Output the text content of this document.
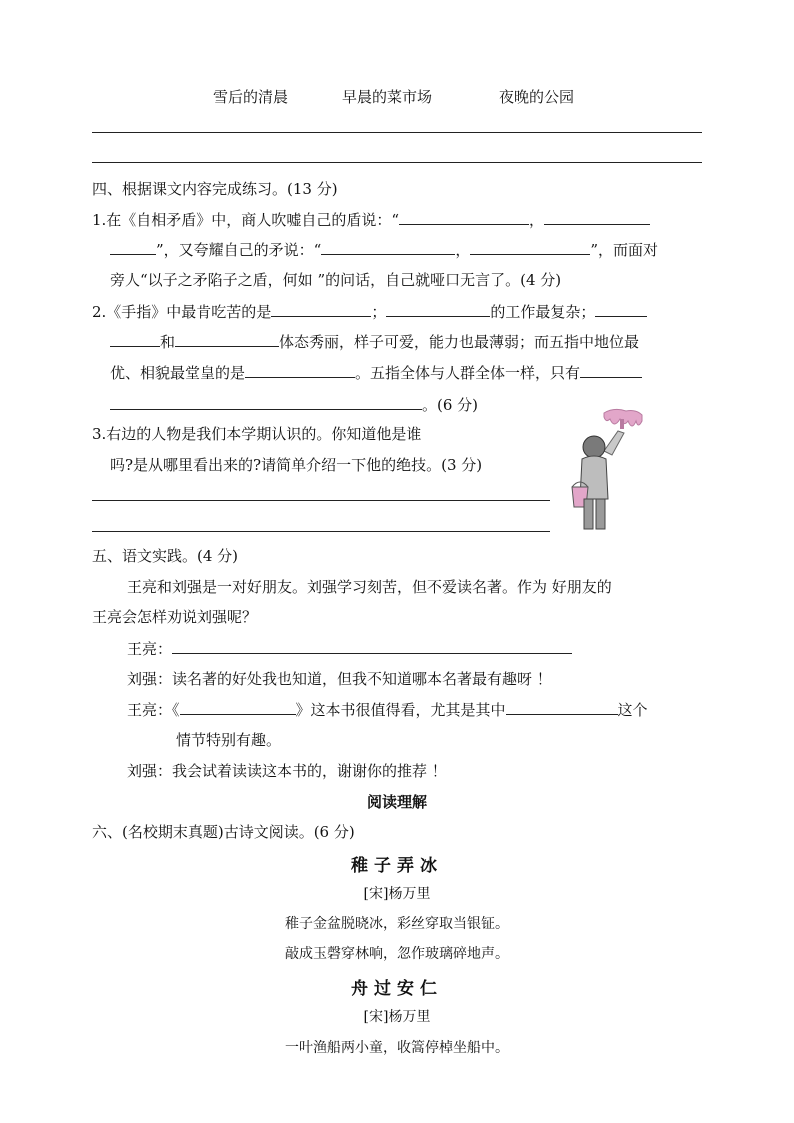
雪后的清晨	早晨的菜市场	夜晚的公园
四、根据课文内容完成练习。(13 分)
1.在《自相矛盾》中，商人吹嘘自己的盾说：“	，
”，又夸耀自己的矛说：“	，	”，而面对
旁人“以子之矛陷子之盾，何如 ”的问话，自己就哑口无言了。(4 分)
2.《手指》中最肯吃苦的是	；	的工作最复杂；
和	体态秀丽，样子可爱，能力也最薄弱；而五指中地位最
优、相貌最堂皇的是	。五指全体与人群全体一样，只有
。(6 分)
3.右边的人物是我们本学期认识的。你知道他是谁
吗?是从哪里看出来的?请简单介绍一下他的绝技。(3 分)
五、语文实践。(4 分)
王亮和刘强是一对好朋友。刘强学习刻苦，但不爱读名著。作为 好朋友的
王亮会怎样劝说刘强呢？
王亮：
刘强：读名著的好处我也知道，但我不知道哪本名著最有趣呀 ！
王亮：《	》这本书很值得看，尤其是其中	这个
情节特别有趣。
刘强：我会试着读读这本书的，谢谢你的推荐 ！
阅读理解
六、(名校期末真题)古诗文阅读。(6 分)
稚子弄冰
[宋]杨万里
稚子金盆脱晓冰，彩丝穿取当银钲。
敲成玉磬穿林响，忽作玻璃碎地声。
舟过安仁
[宋]杨万里
一叶渔船两小童，收篙停棹坐船中。
